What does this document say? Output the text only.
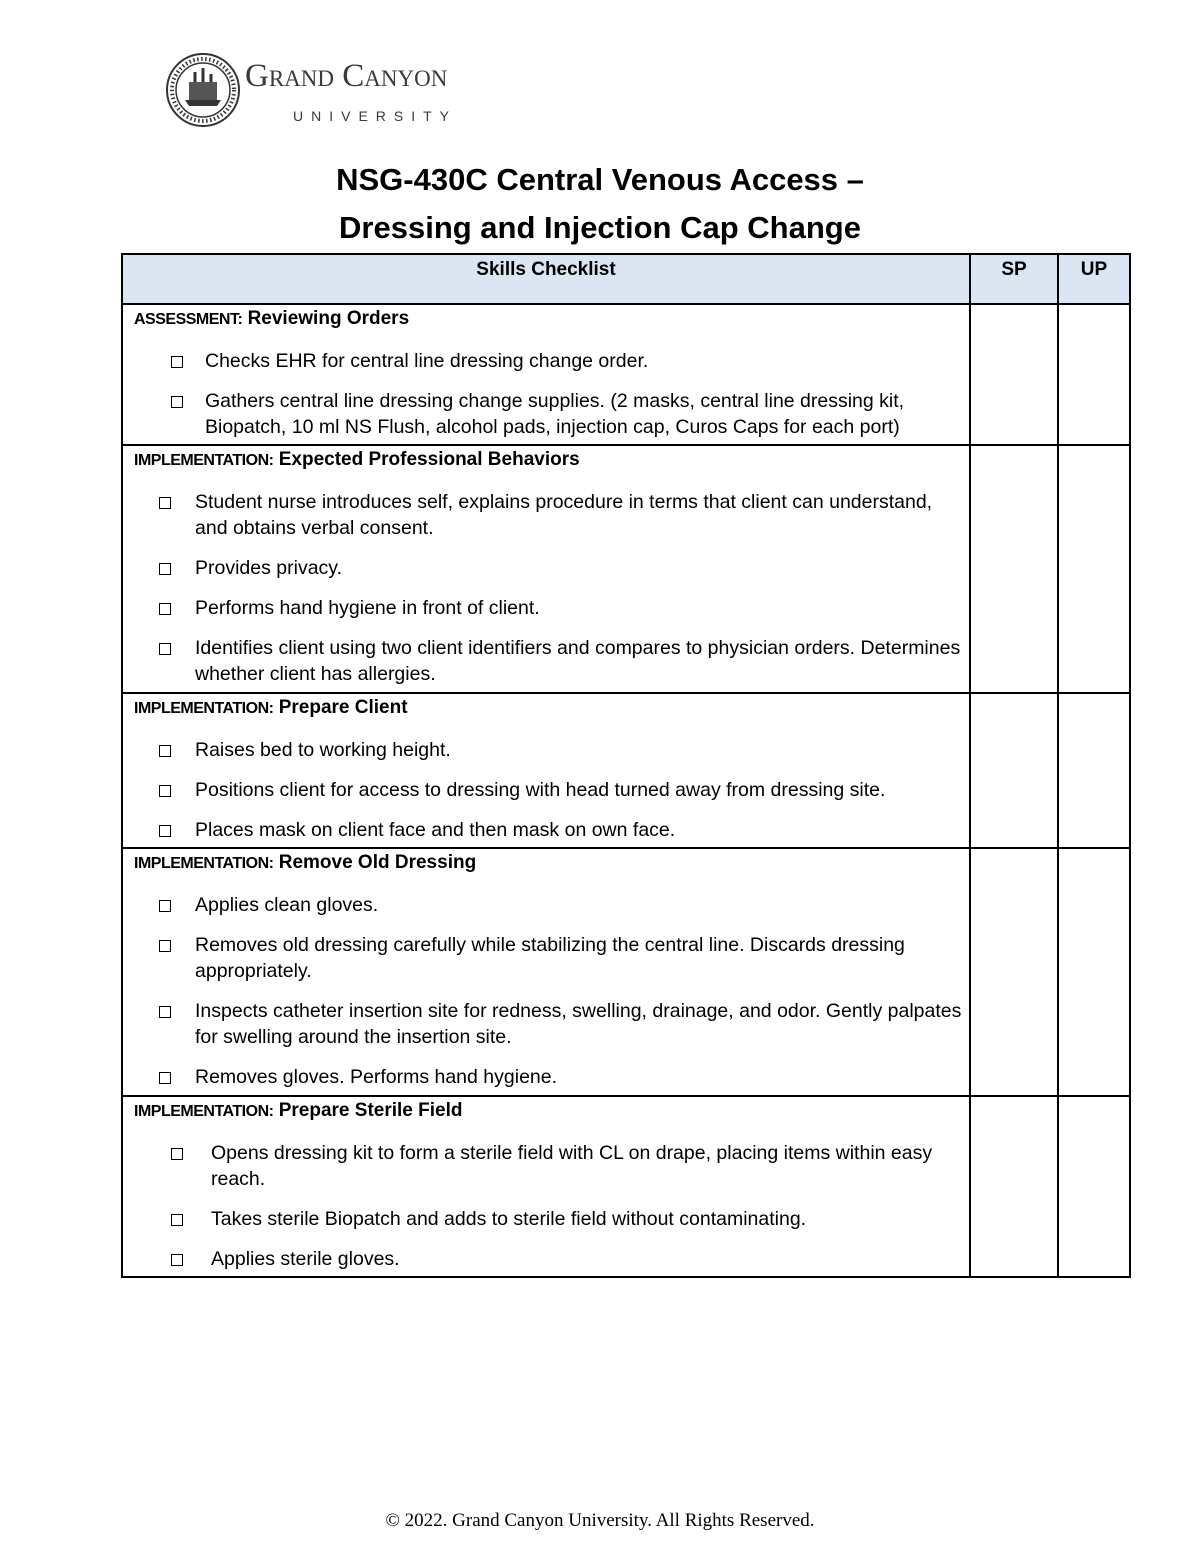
Grand Canyon
UNIVERSITY
NSG-430C Central Venous Access –
Dressing and Injection Cap Change
Skills Checklist	SP	UP

ASSESSMENT: Reviewing Orders
Checks EHR for central line dressing change order.
Gathers central line dressing change supplies. (2 masks, central line dressing kit, Biopatch, 10 ml NS Flush, alcohol pads, injection cap, Curos Caps for each port)		

IMPLEMENTATION: Expected Professional Behaviors
Student nurse introduces self, explains procedure in terms that client can understand, and obtains verbal consent.
Provides privacy.
Performs hand hygiene in front of client.
Identifies client using two client identifiers and compares to physician orders. Determines whether client has allergies.		

IMPLEMENTATION: Prepare Client
Raises bed to working height.
Positions client for access to dressing with head turned away from dressing site.
Places mask on client face and then mask on own face.		

IMPLEMENTATION: Remove Old Dressing
Applies clean gloves.
Removes old dressing carefully while stabilizing the central line. Discards dressing appropriately.
Inspects catheter insertion site for redness, swelling, drainage, and odor. Gently palpates for swelling around the insertion site.
Removes gloves. Performs hand hygiene.		

IMPLEMENTATION: Prepare Sterile Field
Opens dressing kit to form a sterile field with CL on drape, placing items within easy reach.
Takes sterile Biopatch and adds to sterile field without contaminating.
Applies sterile gloves.		

© 2022. Grand Canyon University. All Rights Reserved.
